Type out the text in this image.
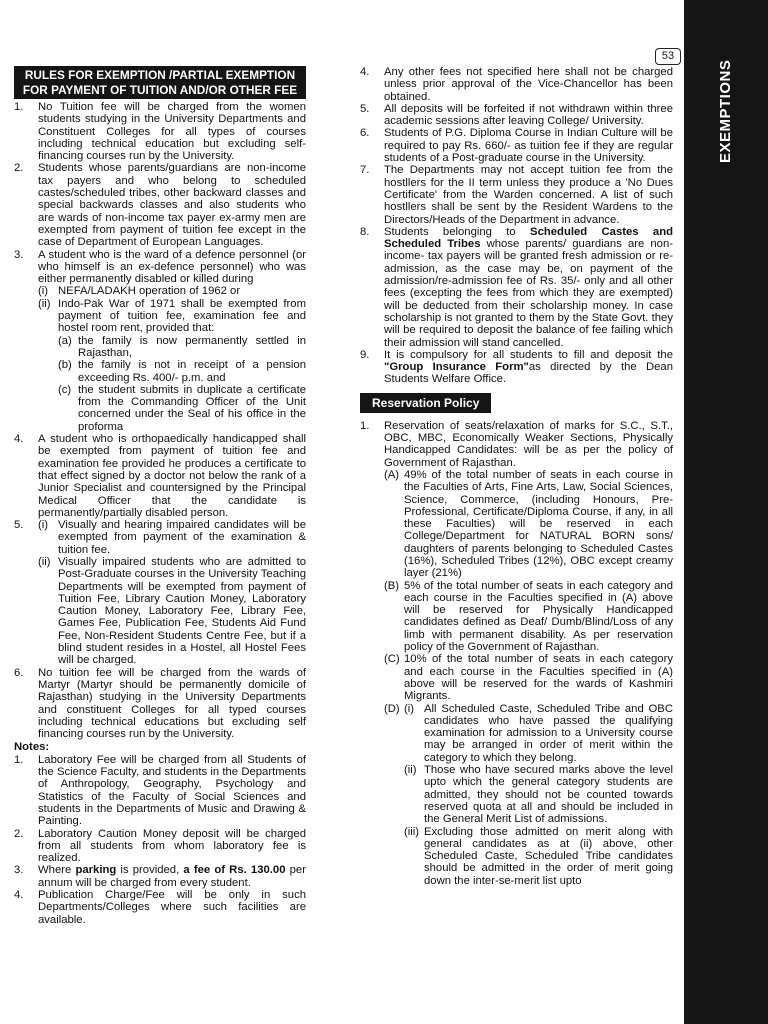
EXEMPTIONS
53
RULES FOR EXEMPTION /PARTIAL EXEMPTION FOR PAYMENT OF TUITION AND/OR OTHER FEE
1.	No Tuition fee will be charged from the women students studying in the University Departments and Constituent Colleges for all types of courses including technical education but excluding self-financing courses run by the University.
2.	Students whose parents/guardians are non-income tax payers and who belong to scheduled castes/scheduled tribes, other backward classes and special backwards classes and also students who are wards of non-income tax payer ex-army men are exempted from payment of tuition fee except in the case of Department of European Languages.
3.	A student who is the ward of a defence personnel (or who himself is an ex-defence personnel) who was either permanently disabled or killed during
(i) NEFA/LADAKH operation of 1962 or
(ii) Indo-Pak War of 1971 shall be exempted from payment of tuition fee, examination fee and hostel room rent, provided that:
(a) the family is now permanently settled in Rajasthan,
(b) the family is not in receipt of a pension exceeding Rs. 400/- p.m. and
(c) the student submits in duplicate a certificate from the Commanding Officer of the Unit concerned under the Seal of his office in the proforma
4.	A student who is orthopaedically handicapped shall be exempted from payment of tuition fee and examination fee provided he produces a certificate to that effect signed by a doctor not below the rank of a Junior Specialist and countersigned by the Principal Medical Officer that the candidate is permanently/partially disabled person.
5.	(i) Visually and hearing impaired candidates will be exempted from payment of the examination & tuition fee.
(ii) Visually impaired students who are admitted to Post-Graduate courses in the University Teaching Departments will be exempted from payment of Tuition Fee, Library Caution Money, Laboratory Caution Money, Laboratory Fee, Library Fee, Games Fee, Publication Fee, Students Aid Fund Fee, Non-Resident Students Centre Fee, but if a blind student resides in a Hostel, all Hostel Fees will be charged.
6.	No tuition fee will be charged from the wards of Martyr (Martyr should be permanently domicile of Rajasthan) studying in the University Departments and constituent Colleges for all typed courses including technical educations but excluding self financing courses run by the University.
Notes:
1.	Laboratory Fee will be charged from all Students of the Science Faculty, and students in the Departments of Anthropology, Geography, Psychology and Statistics of the Faculty of Social Sciences and students in the Departments of Music and Drawing & Painting.
2.	Laboratory Caution Money deposit will be charged from all students from whom laboratory fee is realized.
3.	Where parking is provided, a fee of Rs. 130.00 per annum will be charged from every student.
4.	Publication Charge/Fee will be only in such Departments/Colleges where such facilities are available.
4.	Any other fees not specified here shall not be charged unless prior approval of the Vice-Chancellor has been obtained.
5.	All deposits will be forfeited if not withdrawn within three academic sessions after leaving College/ University.
6.	Students of P.G. Diploma Course in Indian Culture will be required to pay Rs. 660/- as tuition fee if they are regular students of a Post-graduate course in the University.
7.	The Departments may not accept tuition fee from the hostllers for the II term unless they produce a 'No Dues Certificate' from the Warden concerned. A list of such hostllers shall be sent by the Resident Wardens to the Directors/Heads of the Department in advance.
8.	Students belonging to Scheduled Castes and Scheduled Tribes whose parents/ guardians are non- income- tax payers will be granted fresh admission or re-admission, as the case may be, on payment of the admission/re-admission fee of Rs. 35/- only and all other fees (excepting the fees from which they are exempted) will be deducted from their scholarship money. In case scholarship is not granted to them by the State Govt. they will be required to deposit the balance of fee failing which their admission will stand cancelled.
9.	It is compulsory for all students to fill and deposit the "Group Insurance Form"as directed by the Dean Students Welfare Office.
Reservation Policy
1.	Reservation of seats/relaxation of marks for S.C., S.T., OBC, MBC, Economically Weaker Sections, Physically Handicapped Candidates: will be as per the policy of Government of Rajasthan.
(A) 49% of the total number of seats in each course in the Faculties of Arts, Fine Arts, Law, Social Sciences, Science, Commerce, (including Honours, Pre-Professional, Certificate/Diploma Course, if any, in all these Faculties) will be reserved in each College/Department for NATURAL BORN sons/ daughters of parents belonging to Scheduled Castes (16%), Scheduled Tribes (12%), OBC except creamy layer (21%)
(B) 5% of the total number of seats in each category and each course in the Faculties specified in (A) above will be reserved for Physically Handicapped candidates defined as Deaf/ Dumb/Blind/Loss of any limb with permanent disability. As per reservation policy of the Government of Rajasthan.
(C) 10% of the total number of seats in each category and each course in the Faculties specified in (A) above will be reserved for the wards of Kashmiri Migrants.
(D) (i) All Scheduled Caste, Scheduled Tribe and OBC candidates who have passed the qualifying examination for admission to a University course may be arranged in order of merit within the category to which they belong.
(ii) Those who have secured marks above the level upto which the general category students are admitted, they should not be counted towards reserved quota at all and should be included in the General Merit List of admissions.
(iii) Excluding those admitted on merit along with general candidates as at (ii) above, other Scheduled Caste, Scheduled Tribe candidates should be admitted in the order of merit going down the inter-se-merit list upto
